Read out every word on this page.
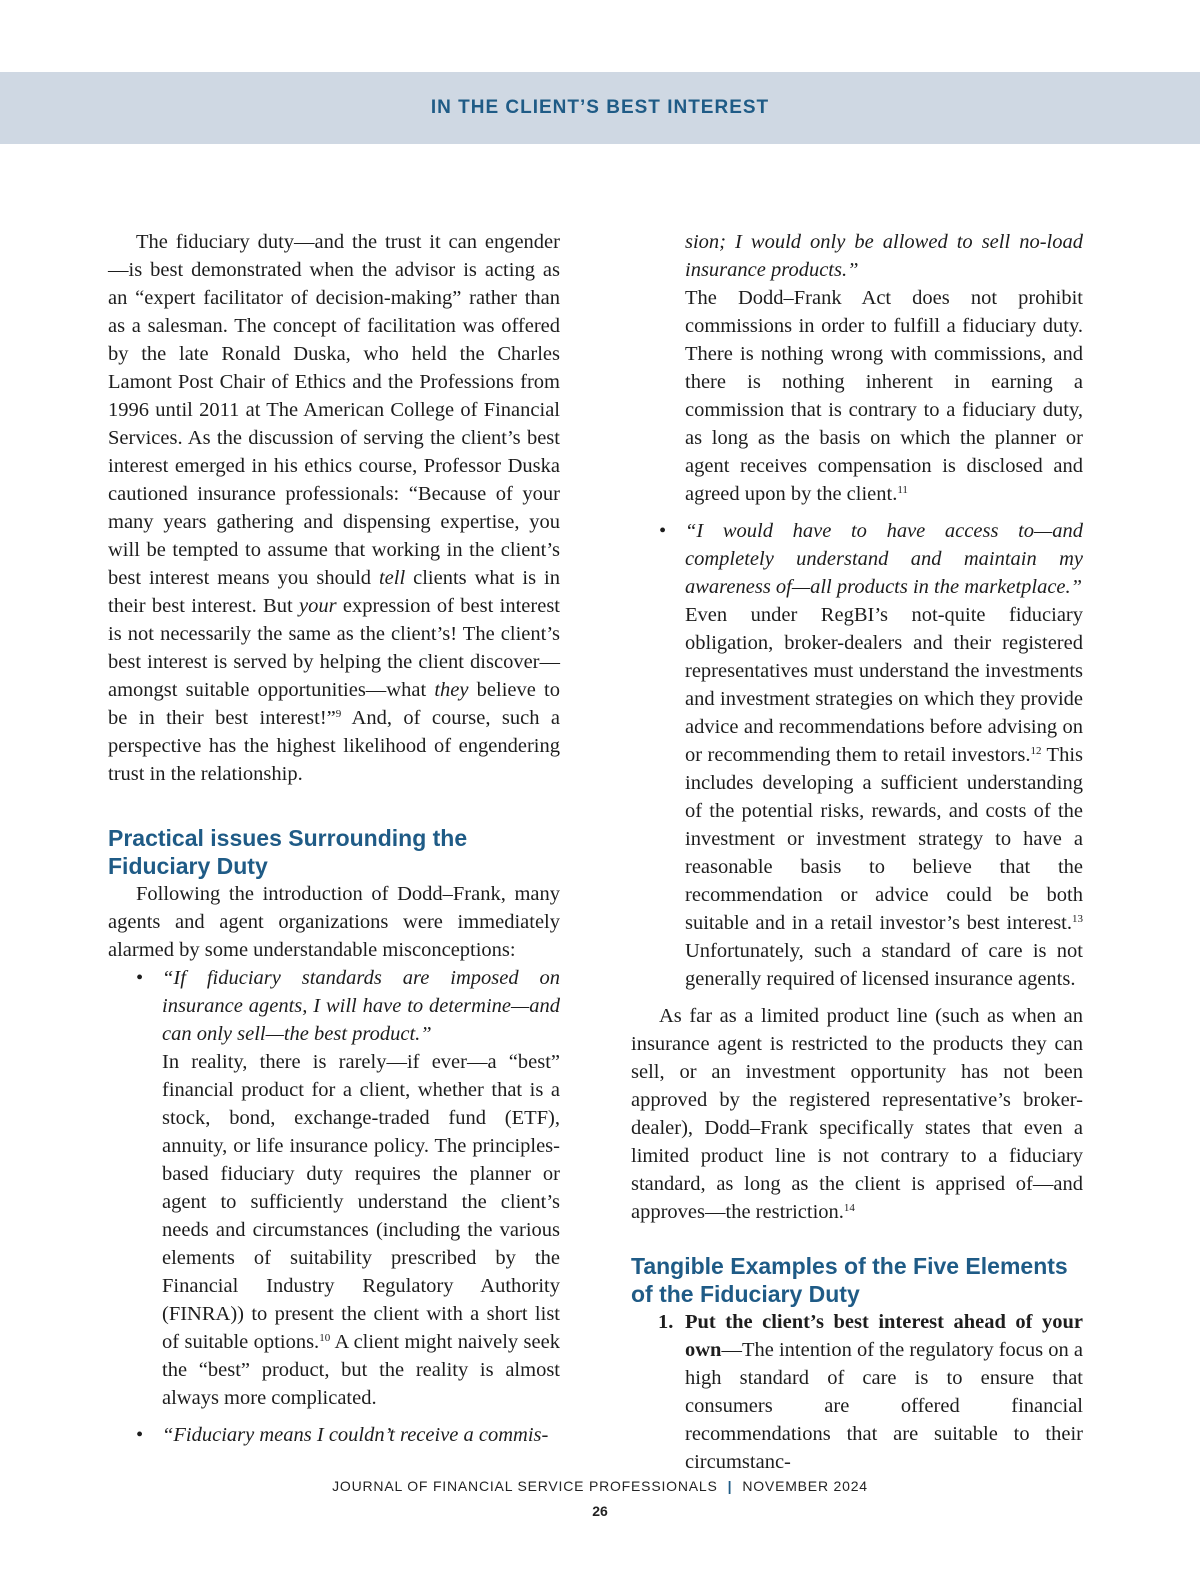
IN THE CLIENT’S BEST INTEREST

The fiduciary duty—and the trust it can engender—is best demonstrated when the advisor is acting as an “expert facilitator of decision-making” rather than as a salesman. The concept of facilitation was offered by the late Ronald Duska, who held the Charles Lamont Post Chair of Ethics and the Professions from 1996 until 2011 at The American College of Financial Services. As the discussion of serving the client’s best interest emerged in his ethics course, Professor Duska cautioned insurance professionals: “Because of your many years gathering and dispensing expertise, you will be tempted to assume that working in the client’s best interest means you should tell clients what is in their best interest. But your expression of best interest is not necessarily the same as the client’s! The client’s best interest is served by helping the client discover—amongst suitable opportunities—what they believe to be in their best interest!”$^9$ And, of course, such a perspective has the highest likelihood of engendering trust in the relationship.

Practical issues Surrounding the
Fiduciary Duty

Following the introduction of Dodd–Frank, many agents and agent organizations were immediately alarmed by some understandable misconceptions:

• “If fiduciary standards are imposed on insurance agents, I will have to determine—and can only sell—the best product.”

In reality, there is rarely—if ever—a “best” financial product for a client, whether that is a stock, bond, exchange-traded fund (ETF), annuity, or life insurance policy. The principles-based fiduciary duty requires the planner or agent to sufficiently understand the client’s needs and circumstances (including the various elements of suitability prescribed by the Financial Industry Regulatory Authority (FINRA)) to present the client with a short list of suitable options.$^{10}$ A client might naively seek the “best” product, but the reality is almost always more complicated.

• “Fiduciary means I couldn’t receive a commis-

sion; I would only be allowed to sell no-load insurance products.”

The Dodd–Frank Act does not prohibit commissions in order to fulfill a fiduciary duty. There is nothing wrong with commissions, and there is nothing inherent in earning a commission that is contrary to a fiduciary duty, as long as the basis on which the planner or agent receives compensation is disclosed and agreed upon by the client.$^{11}$

• “I would have to have access to—and completely understand and maintain my awareness of—all products in the marketplace.”

Even under RegBI’s not-quite fiduciary obligation, broker-dealers and their registered representatives must understand the investments and investment strategies on which they provide advice and recommendations before advising on or recommending them to retail investors.$^{12}$ This includes developing a sufficient understanding of the potential risks, rewards, and costs of the investment or investment strategy to have a reasonable basis to believe that the recommendation or advice could be both suitable and in a retail investor’s best interest.$^{13}$ Unfortunately, such a standard of care is not generally required of licensed insurance agents.

As far as a limited product line (such as when an insurance agent is restricted to the products they can sell, or an investment opportunity has not been approved by the registered representative’s broker-dealer), Dodd–Frank specifically states that even a limited product line is not contrary to a fiduciary standard, as long as the client is apprised of—and approves—the restriction.$^{14}$

Tangible Examples of the Five Elements
of the Fiduciary Duty
1. Put the client’s best interest ahead of your own—The intention of the regulatory focus on a high standard of care is to ensure that consumers are offered financial recommendations that are suitable to their circumstanc-

JOURNAL OF FINANCIAL SERVICE PROFESSIONALS | NOVEMBER 2024
26
